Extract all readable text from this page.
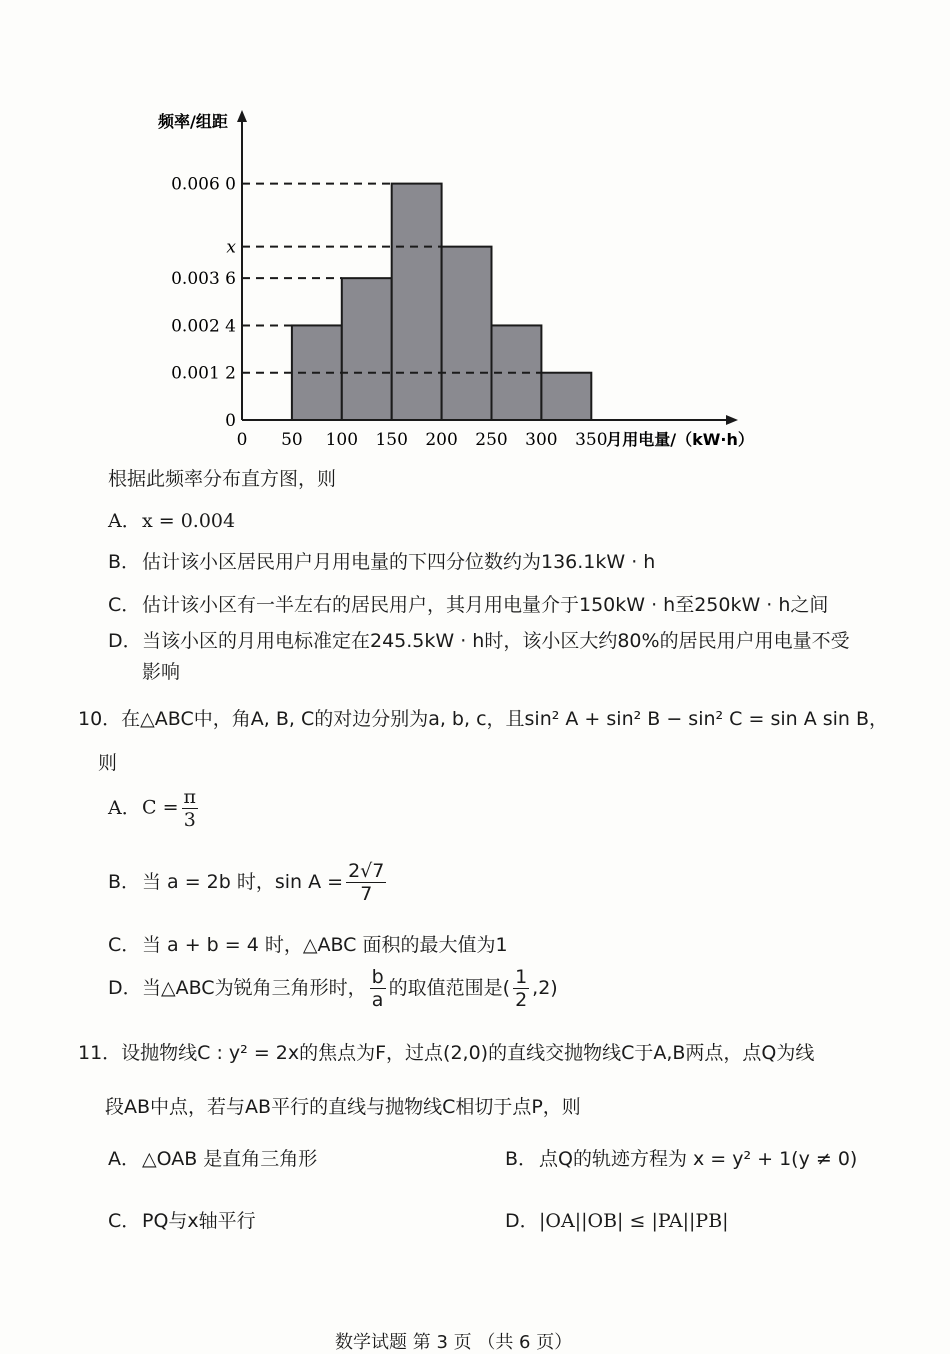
0 50 100 150 200 250 300 350
0
0.001 2
0.002 4
0.003 6
x
0.006 0
频率/组距
月用电量/（kW·h）
根据此频率分布直方图，则
A．x = 0.004
B． 估计该小区居民用户月用电量的下四分位数约为136.1kW · h
C．估计该小区有一半左右的居民用户，其月用电量介于150kW · h至250kW · h之间
D．当该小区的月用电标准定在245.5kW · h时，该小区大约80%的居民用户用电量不受
影响
10．在△ABC中，角A, B, C的对边分别为a, b, c，且sin² A + sin² B − sin² C = sin A sin B，
则
A．$C = \frac{\pi}{3}$
B． 当 a = 2b 时，$\sin A = \frac{2√7}{7}$
C．当 a + b = 4 时，△ABC 面积的最大值为1
D．当△ABC为锐角三角形时， $\frac{b}{a}$ 的取值范围是( $\frac{1}{2} ,2$)
11．设抛物线C : y² = 2x的焦点为F，过点(2,0)的直线交抛物线C于A,B两点，点Q为线
段AB中点，若与AB平行的直线与抛物线C相切于点P，则
A． △OAB 是直角三角形	B． 点Q的轨迹方程为 x = y² + 1(y ≠ 0)
C．PQ与x轴平行	D．|OA||OB| ≤ |PA||PB|
数学试题 第 3 页 （共 6 页）
